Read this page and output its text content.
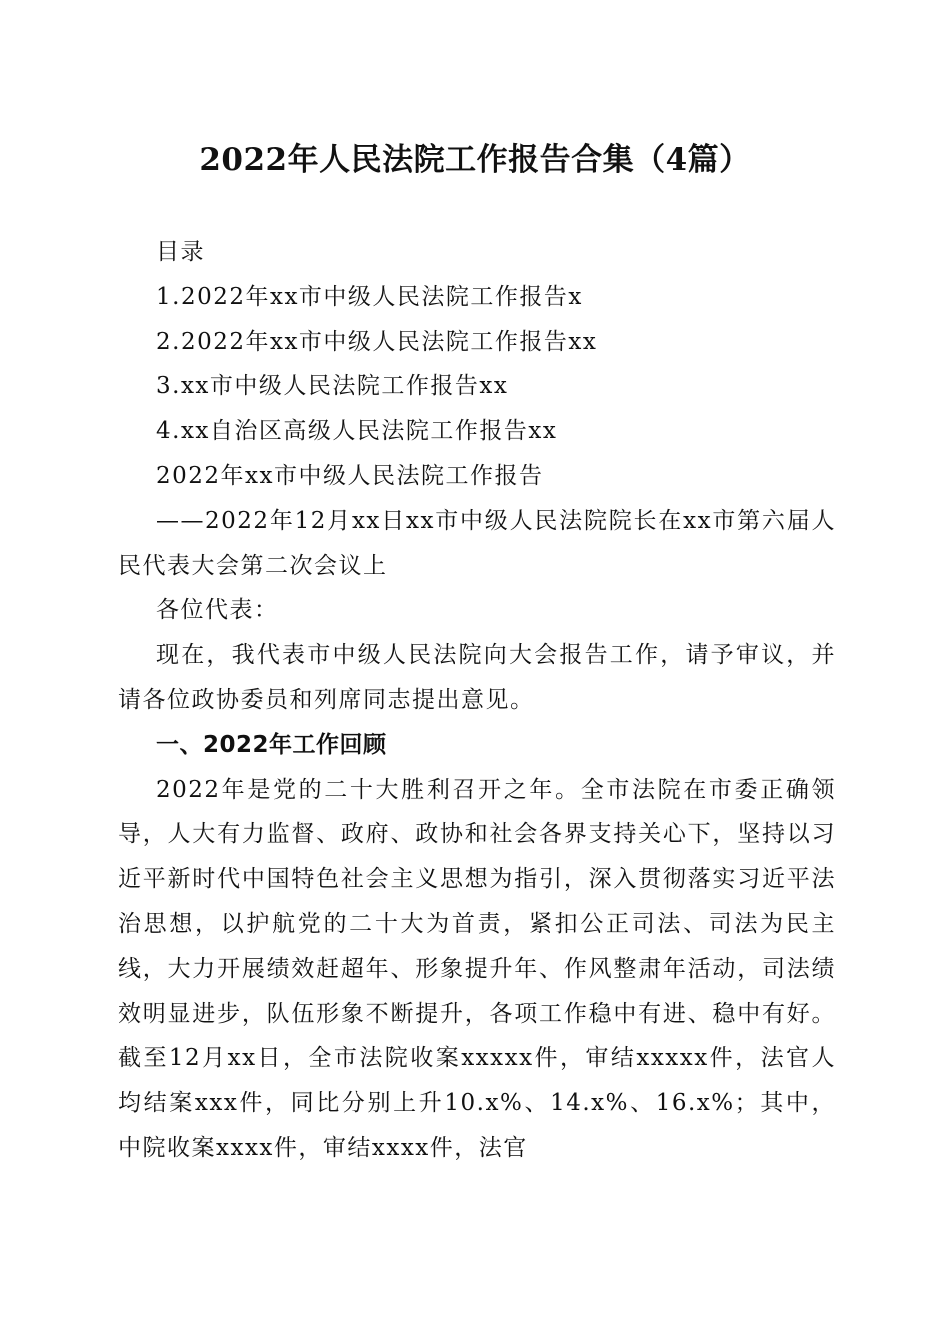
2022年人民法院工作报告合集（4篇）

目录

1.2022年xx市中级人民法院工作报告x

2.2022年xx市中级人民法院工作报告xx

3.xx市中级人民法院工作报告xx

4.xx自治区高级人民法院工作报告xx

2022年xx市中级人民法院工作报告

——2022年12月xx日xx市中级人民法院院长在xx市第六届人民代表大会第二次会议上

各位代表：

现在，我代表市中级人民法院向大会报告工作，请予审议，并请各位政协委员和列席同志提出意见。

一、2022年工作回顾

2022年是党的二十大胜利召开之年。全市法院在市委正确领导，人大有力监督、政府、政协和社会各界支持关心下，坚持以习近平新时代中国特色社会主义思想为指引，深入贯彻落实习近平法治思想，以护航党的二十大为首责，紧扣公正司法、司法为民主线，大力开展绩效赶超年、形象提升年、作风整肃年活动，司法绩效明显进步，队伍形象不断提升，各项工作稳中有进、稳中有好。截至12月xx日，全市法院收案xxxxx件，审结xxxxx件，法官人均结案xxx件，同比分别上升10.x%、14.x%、16.x%；其中，中院收案xxxx件，审结xxxx件，法官
